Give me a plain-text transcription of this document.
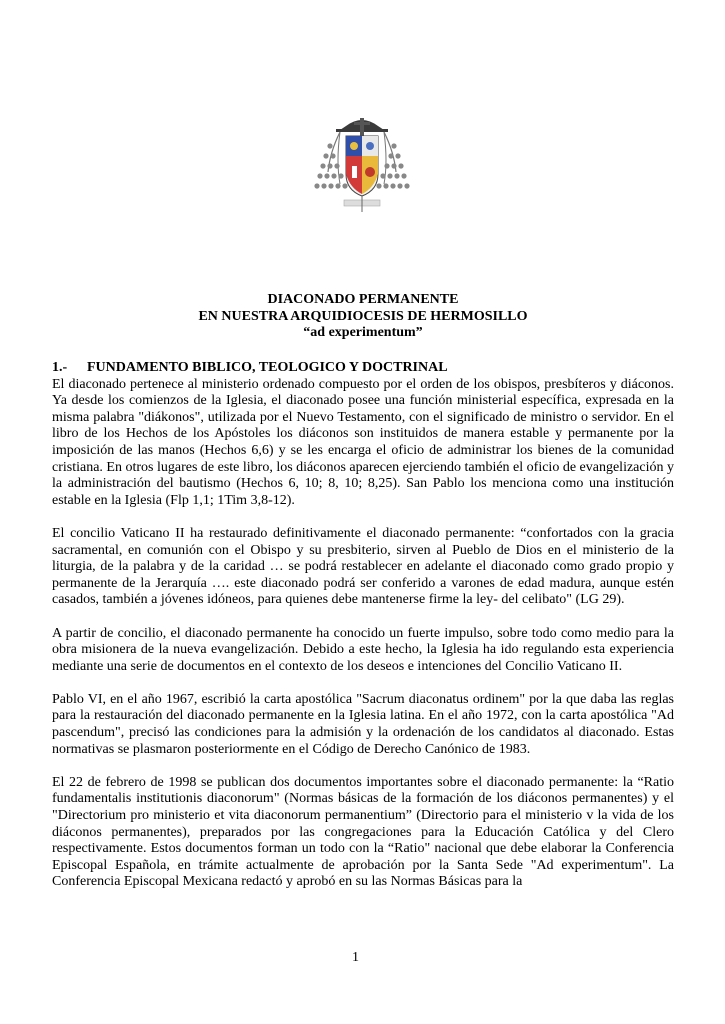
DIACONADO PERMANENTE
EN NUESTRA ARQUIDIOCESIS DE HERMOSILLO
“ad experimentum”
1.- FUNDAMENTO BIBLICO, TEOLOGICO Y DOCTRINAL

El diaconado pertenece al ministerio ordenado compuesto por el orden de los obispos, presbíteros y diáconos. Ya desde los comienzos de la Iglesia, el diaconado posee una función ministerial específica, expresada en la misma palabra "diákonos", utilizada por el Nuevo Testamento, con el significado de ministro o servidor. En el libro de los Hechos de los Apóstoles los diáconos son instituidos de manera estable y permanente por la imposición de las manos (Hechos 6,6) y se les encarga el oficio de administrar los bienes de la comunidad cristiana. En otros lugares de este libro, los diáconos aparecen ejerciendo también el oficio de evangelización y la administración del bautismo (Hechos 6, 10; 8, 10; 8,25). San Pablo los menciona como una institución estable en la Iglesia (Flp 1,1; 1Tim 3,8-12).

El concilio Vaticano II ha restaurado definitivamente el diaconado permanente: “confortados con la gracia sacramental, en comunión con el Obispo y su presbiterio, sirven al Pueblo de Dios en el ministerio de la liturgia, de la palabra y de la caridad … se podrá restablecer en adelante el diaconado como grado propio y permanente de la Jerarquía …. este diaconado podrá ser conferido a varones de edad madura, aunque estén casados, también a jóvenes idóneos, para quienes debe mantenerse firme la ley- del celibato" (LG 29).

A partir de concilio, el diaconado permanente ha conocido un fuerte impulso, sobre todo como medio para la obra misionera de la nueva evangelización. Debido a este hecho, la Iglesia ha ido regulando esta experiencia mediante una serie de documentos en el contexto de los deseos e intenciones del Concilio Vaticano II.

Pablo VI, en el año 1967, escribió la carta apostólica "Sacrum diaconatus ordinem" por la que daba las reglas para la restauración del diaconado permanente en la Iglesia latina. En el año 1972, con la carta apostólica "Ad pascendum", precisó las condiciones para la admisión y la ordenación de los candidatos al diaconado. Estas normativas se plasmaron posteriormente en el Código de Derecho Canónico de 1983.

El 22 de febrero de 1998 se publican dos documentos importantes sobre el diaconado permanente: la “Ratio fundamentalis institutionis diaconorum" (Normas básicas de la formación de los diáconos permanentes) y el "Directorium pro ministerio et vita diaconorum permanentium” (Directorio para el ministerio v la vida de los diáconos permanentes), preparados por las congregaciones para la Educación Católica y del Clero respectivamente. Estos documentos forman un todo con la “Ratio" nacional que debe elaborar la Conferencia Episcopal Española, en trámite actualmente de aprobación por la Santa Sede "Ad experimentum". La Conferencia Episcopal Mexicana redactó y aprobó en su las Normas Básicas para la

1
